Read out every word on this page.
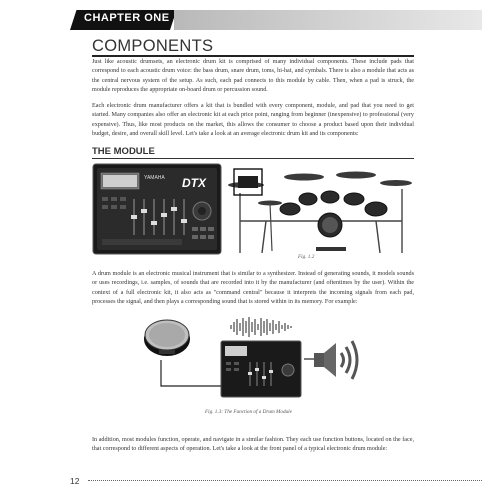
CHAPTER ONE
COMPONENTS

Just like acoustic drumsets, an electronic drum kit is comprised of many individual components. These include pads that correspond to each acoustic drum voice: the bass drum, snare drum, toms, hi-hat, and cymbals. There is also a module that acts as the central nervous system of the setup. As such, each pad connects to this module by cable. Then, when a pad is struck, the module reproduces the appropriate on-board drum or percussion sound.

Each electronic drum manufacturer offers a kit that is bundled with every component, module, and pad that you need to get started. Many companies also offer an electronic kit at each price point, ranging from beginner (inexpensive) to professional (very expensive). Thus, like most products on the market, this allows the consumer to choose a product based upon their individual budget, desire, and overall skill level. Let's take a look at an average electronic drum kit and its components:

THE MODULE
YAMAHA DTX
Fig. 1.2

A drum module is an electronic musical instrument that is similar to a synthesizer. Instead of generating sounds, it models sounds or uses recordings, i.e. samples, of sounds that are recorded into it by the manufacturer (and oftentimes by the user). Within the context of a full electronic kit, it also acts as "command central" because it interprets the incoming signals from each pad, processes the signal, and then plays a corresponding sound that is stored within in its memory. For example:

Fig. 1.3: The Function of a Drum Module

In addition, most modules function, operate, and navigate in a similar fashion. They each use function buttons, located on the face, that correspond to different aspects of operation. Let's take a look at the front panel of a typical electronic drum module:

12
